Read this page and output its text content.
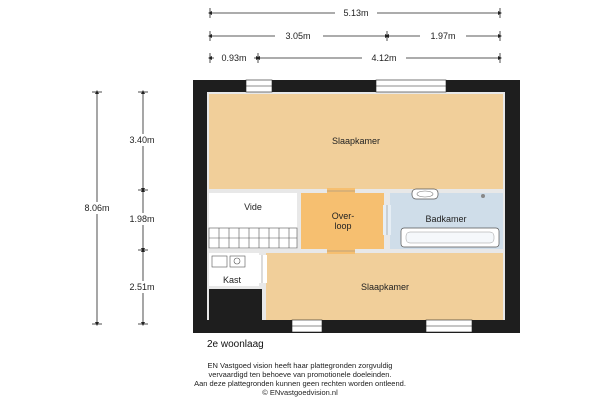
5.13m
3.05m	1.97m
0.93m	4.12m
8.06m
3.40m
1.98m
2.51m
Slaapkamer
Vide
Over-
loop
Badkamer
Kast
Slaapkamer
2e woonlaag
EN Vastgoed vision heeft haar plattegronden zorgvuldig
vervaardigd ten behoeve van promotionele doeleinden.
Aan deze plattegronden kunnen geen rechten worden ontleend.
© ENvastgoedvision.nl
